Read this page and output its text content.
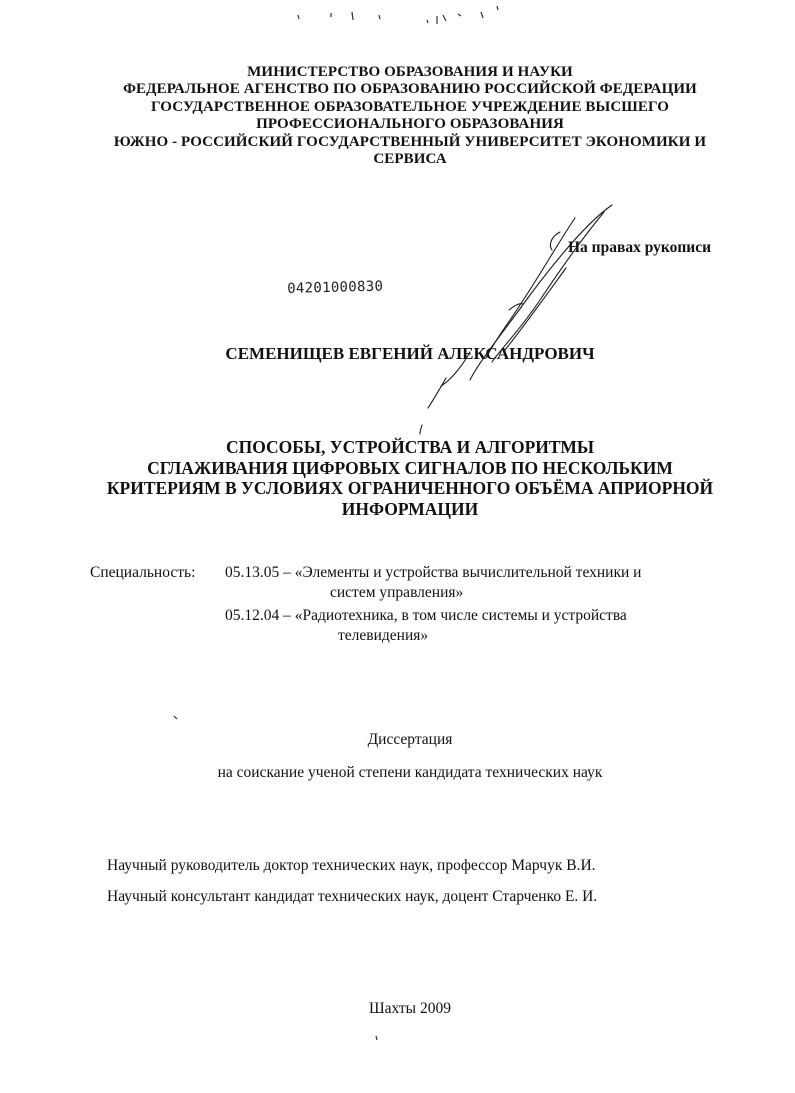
МИНИСТЕРСТВО ОБРАЗОВАНИЯ И НАУКИ
ФЕДЕРАЛЬНОЕ АГЕНСТВО ПО ОБРАЗОВАНИЮ РОССИЙСКОЙ ФЕДЕРАЦИИ
ГОСУДАРСТВЕННОЕ ОБРАЗОВАТЕЛЬНОЕ УЧРЕЖДЕНИЕ ВЫСШЕГО
ПРОФЕССИОНАЛЬНОГО ОБРАЗОВАНИЯ
ЮЖНО - РОССИЙСКИЙ ГОСУДАРСТВЕННЫЙ УНИВЕРСИТЕТ ЭКОНОМИКИ И
СЕРВИСА
На правах рукописи
04201000830
СЕМЕНИЩЕВ ЕВГЕНИЙ АЛЕКСАНДРОВИЧ
СПОСОБЫ, УСТРОЙСТВА И АЛГОРИТМЫ
СГЛАЖИВАНИЯ ЦИФРОВЫХ СИГНАЛОВ ПО НЕСКОЛЬКИМ
КРИТЕРИЯМ В УСЛОВИЯХ ОГРАНИЧЕННОГО ОБЪЁМА АПРИОРНОЙ
ИНФОРМАЦИИ
Специальность: 05.13.05 – «Элементы и устройства вычислительной техники и
систем управления»
05.12.04 – «Радиотехника, в том числе системы и устройства
телевидения»
Диссертация
на соискание ученой степени кандидата технических наук
Научный руководитель доктор технических наук, профессор Марчук В.И.
Научный консультант кандидат технических наук, доцент Старченко Е. И.
Шахты 2009
